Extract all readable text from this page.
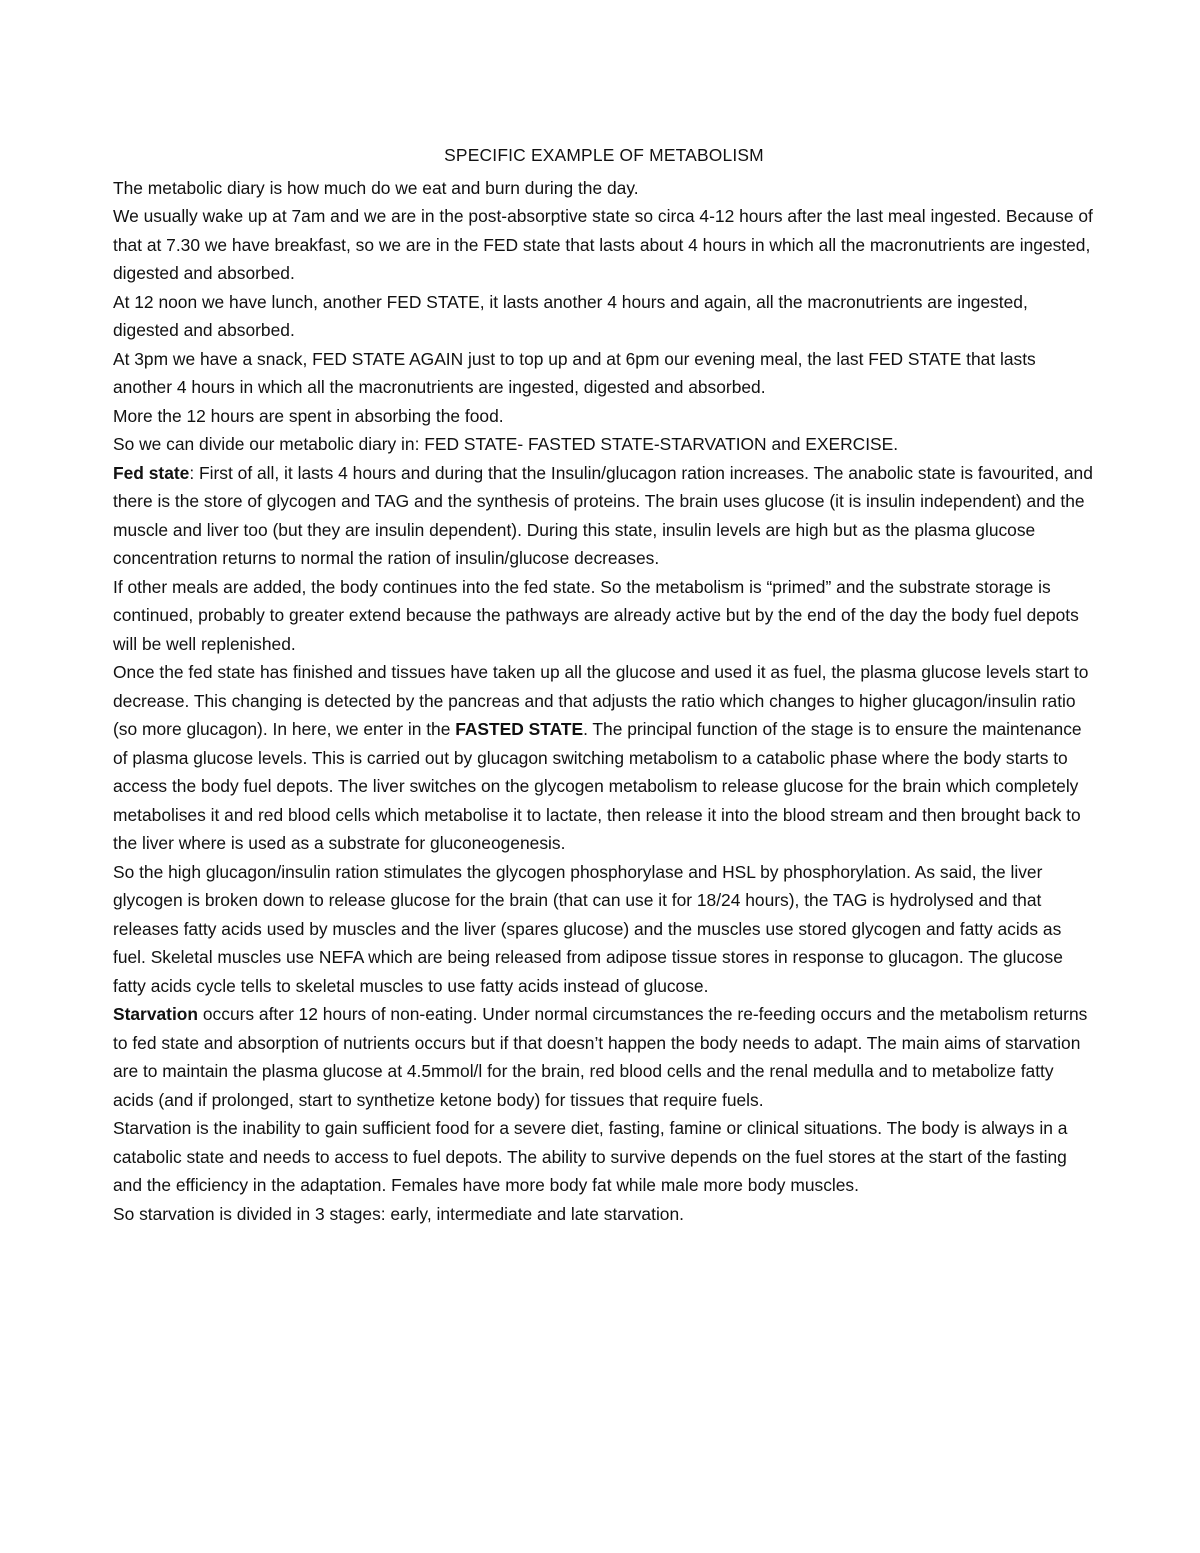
SPECIFIC EXAMPLE OF METABOLISM

The metabolic diary is how much do we eat and burn during the day.

We usually wake up at 7am and we are in the post-absorptive state so circa 4-12 hours after the last meal ingested. Because of that at 7.30 we have breakfast, so we are in the FED state that lasts about 4 hours in which all the macronutrients are ingested, digested and absorbed.

At 12 noon we have lunch, another FED STATE, it lasts another 4 hours and again, all the macronutrients are ingested, digested and absorbed.

At 3pm we have a snack, FED STATE AGAIN just to top up and at 6pm our evening meal, the last FED STATE that lasts another 4 hours in which all the macronutrients are ingested, digested and absorbed.

More the 12 hours are spent in absorbing the food.

So we can divide our metabolic diary in: FED STATE- FASTED STATE-STARVATION and EXERCISE.

Fed state: First of all, it lasts 4 hours and during that the Insulin/glucagon ration increases. The anabolic state is favourited, and there is the store of glycogen and TAG and the synthesis of proteins. The brain uses glucose (it is insulin independent) and the muscle and liver too (but they are insulin dependent). During this state, insulin levels are high but as the plasma glucose concentration returns to normal the ration of insulin/glucose decreases.

If other meals are added, the body continues into the fed state. So the metabolism is “primed” and the substrate storage is continued, probably to greater extend because the pathways are already active but by the end of the day the body fuel depots will be well replenished.

Once the fed state has finished and tissues have taken up all the glucose and used it as fuel, the plasma glucose levels start to decrease. This changing is detected by the pancreas and that adjusts the ratio which changes to higher glucagon/insulin ratio (so more glucagon). In here, we enter in the FASTED STATE. The principal function of the stage is to ensure the maintenance of plasma glucose levels. This is carried out by glucagon switching metabolism to a catabolic phase where the body starts to access the body fuel depots. The liver switches on the glycogen metabolism to release glucose for the brain which completely metabolises it and red blood cells which metabolise it to lactate, then release it into the blood stream and then brought back to the liver where is used as a substrate for gluconeogenesis.

So the high glucagon/insulin ration stimulates the glycogen phosphorylase and HSL by phosphorylation. As said, the liver glycogen is broken down to release glucose for the brain (that can use it for 18/24 hours), the TAG is hydrolysed and that releases fatty acids used by muscles and the liver (spares glucose) and the muscles use stored glycogen and fatty acids as fuel. Skeletal muscles use NEFA which are being released from adipose tissue stores in response to glucagon. The glucose fatty acids cycle tells to skeletal muscles to use fatty acids instead of glucose.

Starvation occurs after 12 hours of non-eating. Under normal circumstances the re-feeding occurs and the metabolism returns to fed state and absorption of nutrients occurs but if that doesn’t happen the body needs to adapt. The main aims of starvation are to maintain the plasma glucose at 4.5mmol/l for the brain, red blood cells and the renal medulla and to metabolize fatty acids (and if prolonged, start to synthetize ketone body) for tissues that require fuels.

Starvation is the inability to gain sufficient food for a severe diet, fasting, famine or clinical situations. The body is always in a catabolic state and needs to access to fuel depots. The ability to survive depends on the fuel stores at the start of the fasting and the efficiency in the adaptation. Females have more body fat while male more body muscles.

So starvation is divided in 3 stages: early, intermediate and late starvation.
